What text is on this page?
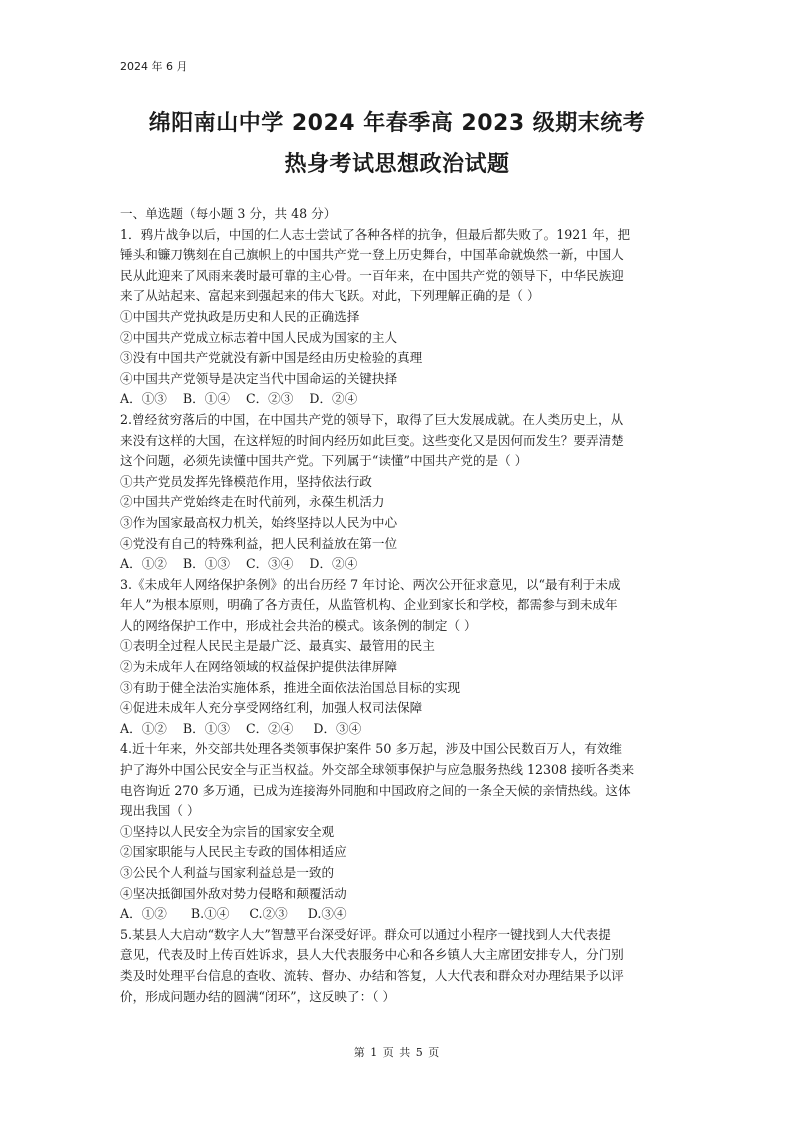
2024 年 6 月
绵阳南山中学 2024 年春季高 2023 级期末统考
热身考试思想政治试题
一、单选题（每小题 3 分，共 48 分）
1．鸦片战争以后，中国的仁人志士尝试了各种各样的抗争，但最后都失败了。1921 年，把
锤头和镰刀镌刻在自己旗帜上的中国共产党一登上历史舞台，中国革命就焕然一新，中国人
民从此迎来了风雨来袭时最可靠的主心骨。一百年来，在中国共产党的领导下，中华民族迎
来了从站起来、富起来到强起来的伟大飞跃。对此，下列理解正确的是（ ）
①中国共产党执政是历史和人民的正确选择
②中国共产党成立标志着中国人民成为国家的主人
③没有中国共产党就没有新中国是经由历史检验的真理
④中国共产党领导是决定当代中国命运的关键抉择
A．①③    B．①④    C．②③    D．②④
2.曾经贫穷落后的中国，在中国共产党的领导下，取得了巨大发展成就。在人类历史上，从
来没有这样的大国，在这样短的时间内经历如此巨变。这些变化又是因何而发生？要弄清楚
这个问题，必须先读懂中国共产党。下列属于“读懂”中国共产党的是（ ）
①共产党员发挥先锋模范作用，坚持依法行政
②中国共产党始终走在时代前列，永葆生机活力
③作为国家最高权力机关，始终坚持以人民为中心
④党没有自己的特殊利益，把人民利益放在第一位
A．①②    B．①③    C．③④    D．②④
3.《未成年人网络保护条例》的出台历经 7 年讨论、两次公开征求意见，以“最有利于未成
年人”为根本原则，明确了各方责任，从监管机构、企业到家长和学校，都需参与到未成年
人的网络保护工作中，形成社会共治的模式。该条例的制定（ ）
①表明全过程人民民主是最广泛、最真实、最管用的民主
②为未成年人在网络领域的权益保护提供法律屏障
③有助于健全法治实施体系，推进全面依法治国总目标的实现
④促进未成年人充分享受网络红利，加强人权司法保障
A．①②    B．①③    C．②④     D．③④
4.近十年来，外交部共处理各类领事保护案件 50 多万起，涉及中国公民数百万人，有效维
护了海外中国公民安全与正当权益。外交部全球领事保护与应急服务热线 12308 接听各类来
电咨询近 270 多万通，已成为连接海外同胞和中国政府之间的一条全天候的亲情热线。这体
现出我国（ ）
①坚持以人民安全为宗旨的国家安全观
②国家职能与人民民主专政的国体相适应
③公民个人利益与国家利益总是一致的
④坚决抵御国外敌对势力侵略和颠覆活动
A．①②      B.①④     C.②③     D.③④
5.某县人大启动“数字人大”智慧平台深受好评。群众可以通过小程序一键找到人大代表提
意见，代表及时上传百姓诉求，县人大代表服务中心和各乡镇人大主席团安排专人，分门别
类及时处理平台信息的查收、流转、督办、办结和答复，人大代表和群众对办理结果予以评
价，形成问题办结的圆满“闭环”，这反映了：（ ）
第 1 页 共 5 页
